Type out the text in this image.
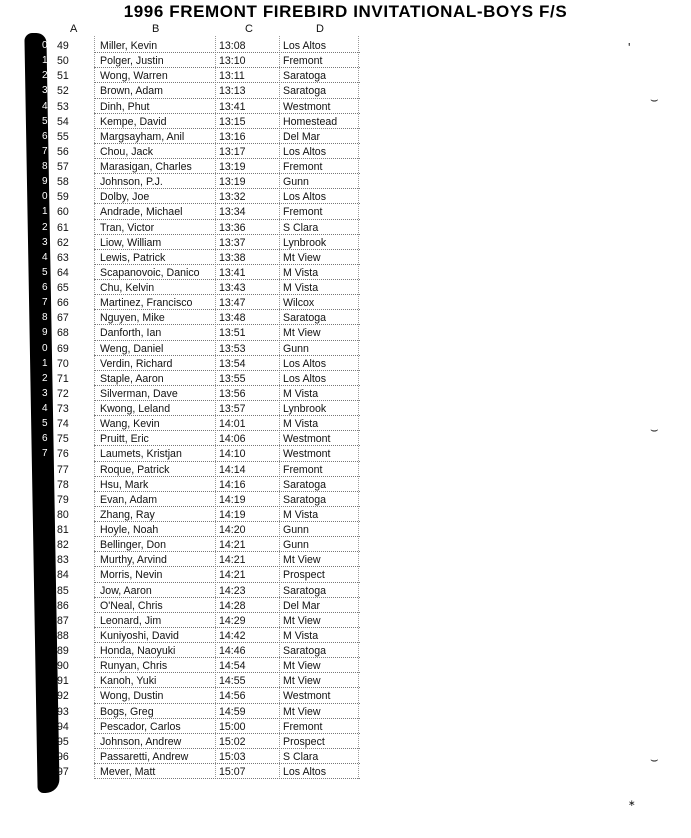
1996 FREMONT FIREBIRD INVITATIONAL-BOYS F/S
A	B	C	D
0 49	Miller, Kevin	13:08	Los Altos
1 50	Polger, Justin	13:10	Fremont
2 51	Wong, Warren	13:11	Saratoga
3 52	Brown, Adam	13:13	Saratoga
4 53	Dinh, Phut	13:41	Westmont
5 54	Kempe, David	13:15	Homestead
6 55	Margsayham, Anil	13:16	Del Mar
7 56	Chou, Jack	13:17	Los Altos
8 57	Marasigan, Charles	13:19	Fremont
9 58	Johnson, P.J.	13:19	Gunn
0 59	Dolby, Joe	13:32	Los Altos
1 60	Andrade, Michael	13:34	Fremont
2 61	Tran, Victor	13:36	S Clara
3 62	Liow, William	13:37	Lynbrook
4 63	Lewis, Patrick	13:38	Mt View
5 64	Scapanovoic, Danico 13:41	M Vista
6 65	Chu, Kelvin	13:43	M Vista
7 66	Martinez, Francisco	13:47	Wilcox
8 67	Nguyen, Mike	13:48	Saratoga
9 68	Danforth, Ian	13:51	Mt View
0 69	Weng, Daniel	13:53	Gunn
1 70	Verdin, Richard	13:54	Los Altos
2 71	Staple, Aaron	13:55	Los Altos
3 72	Silverman, Dave	13:56	M Vista
4 73	Kwong, Leland	13:57	Lynbrook
5 74	Wang, Kevin	14:01	M Vista
6 75	Pruitt, Eric	14:06	Westmont
7 76	Laumets, Kristjan	14:10	Westmont
77	Roque, Patrick	14:14	Fremont
78	Hsu, Mark	14:16	Saratoga
79	Evan, Adam	14:19	Saratoga
80	Zhang, Ray	14:19	M Vista
81	Hoyle, Noah	14:20	Gunn
82	Bellinger, Don	14:21	Gunn
83	Murthy, Arvind	14:21	Mt View
84	Morris, Nevin	14:21	Prospect
85	Jow, Aaron	14:23	Saratoga
86	O'Neal, Chris	14:28	Del Mar
87	Leonard, Jim	14:29	Mt View
88	Kuniyoshi, David	14:42	M Vista
89	Honda, Naoyuki	14:46	Saratoga
90	Runyan, Chris	14:54	Mt View
91	Kanoh, Yuki	14:55	Mt View
92	Wong, Dustin	14:56	Westmont
93	Bogs, Greg	14:59	Mt View
94	Pescador, Carlos	15:00	Fremont
95	Johnson, Andrew	15:02	Prospect
96	Passaretti, Andrew	15:03	S Clara
97	Mever, Matt	15:07	Los Altos
'
⌣
⌣
⌣
∗
